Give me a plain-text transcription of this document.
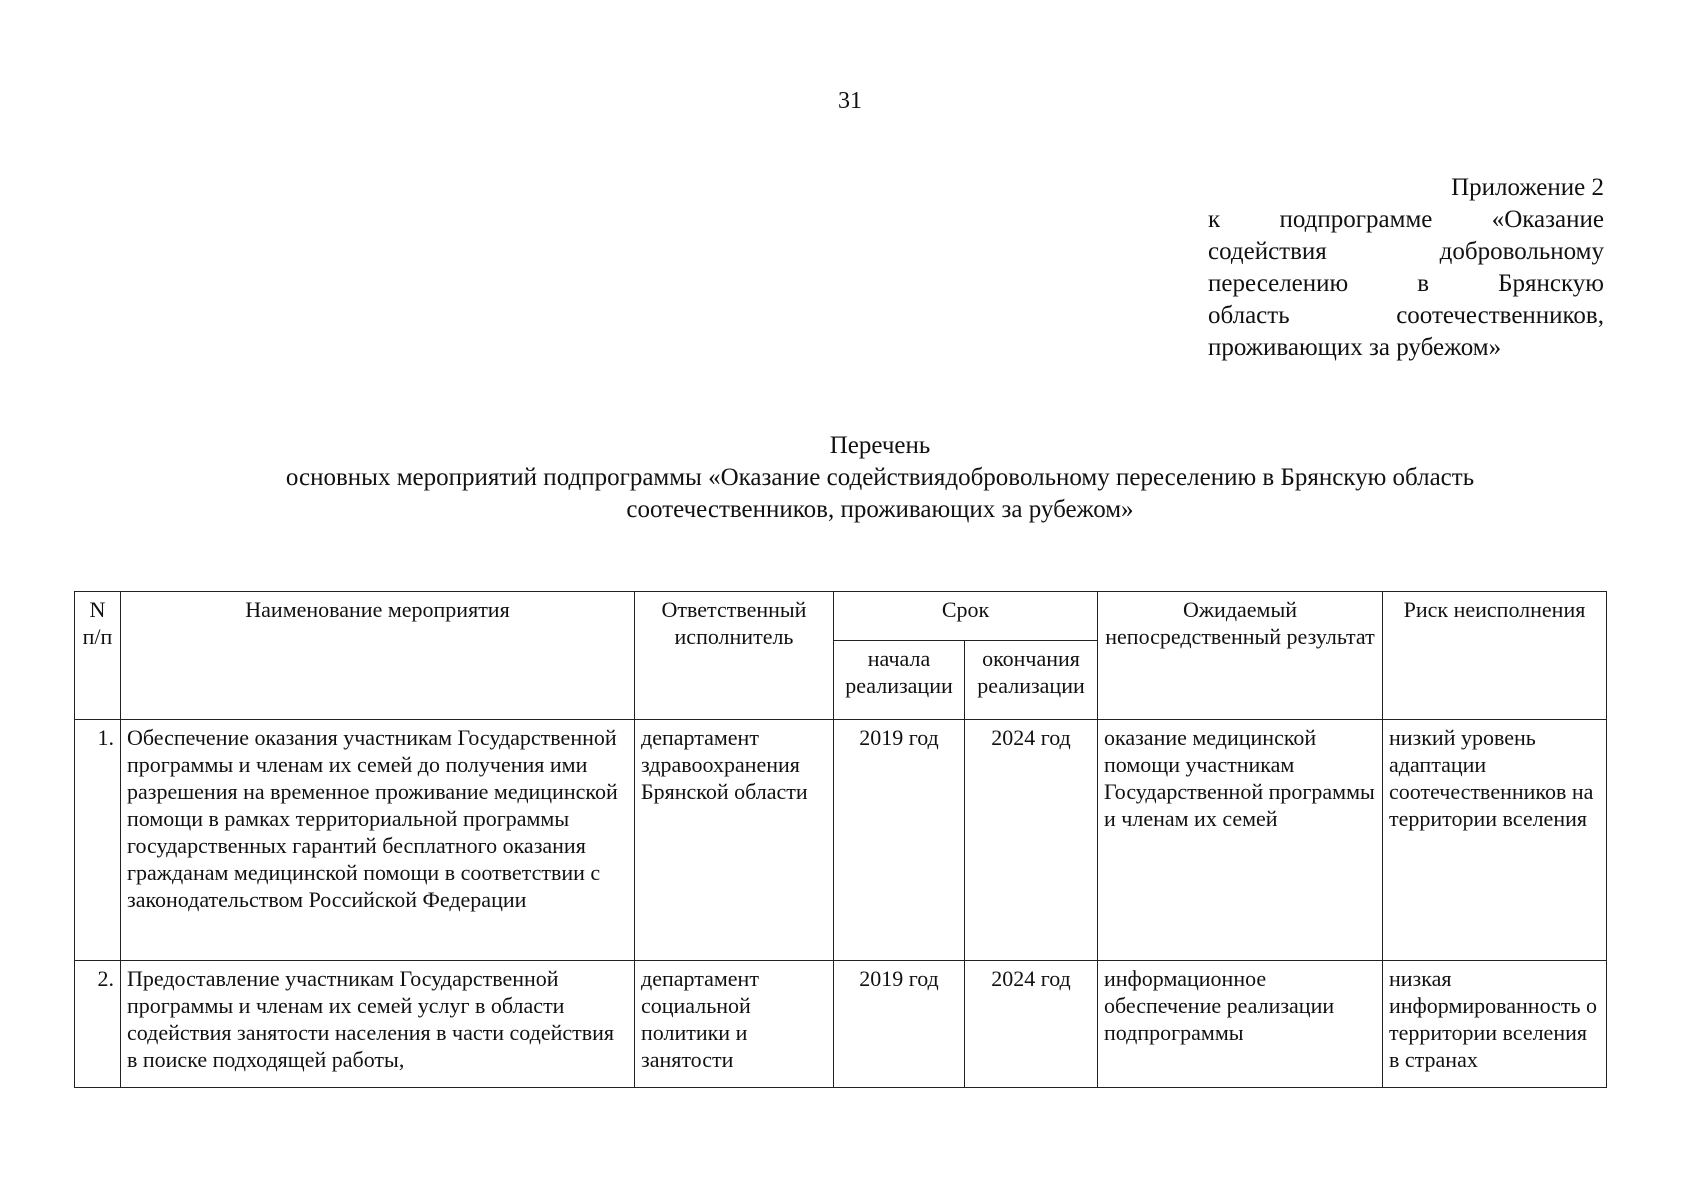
31
Приложение 2
к подпрограмме «Оказание
содействия	добровольному
переселению	в	Брянскую
область	соотечественников,
проживающих за рубежом»
Перечень
основных мероприятий подпрограммы «Оказание содействиядобровольному переселению в Брянскую область
соотечественников, проживающих за рубежом»
N п/п	Наименование мероприятия	Ответственный исполнитель	Срок		Ожидаемый непосредственный результат	Риск неисполнения
			начала реализации	окончания реализации		
1.	Обеспечение оказания участникам Государственной программы и членам их семей до получения ими разрешения на временное проживание медицинской помощи в рамках территориальной программы государственных гарантий бесплатного оказания гражданам медицинской помощи в соответствии с законодательством Российской Федерации	департамент здравоохранения Брянской области	2019 год	2024 год	оказание медицинской помощи участникам Государственной программы и членам их семей	низкий уровень адаптации соотечественников на территории вселения
2.	Предоставление участникам Государственной программы и членам их семей услуг в области содействия занятости населения в части содействия в поиске подходящей работы,	департамент социальной политики и занятости	2019 год	2024 год	информационное обеспечение реализации подпрограммы	низкая информированность о территории вселения в странах
